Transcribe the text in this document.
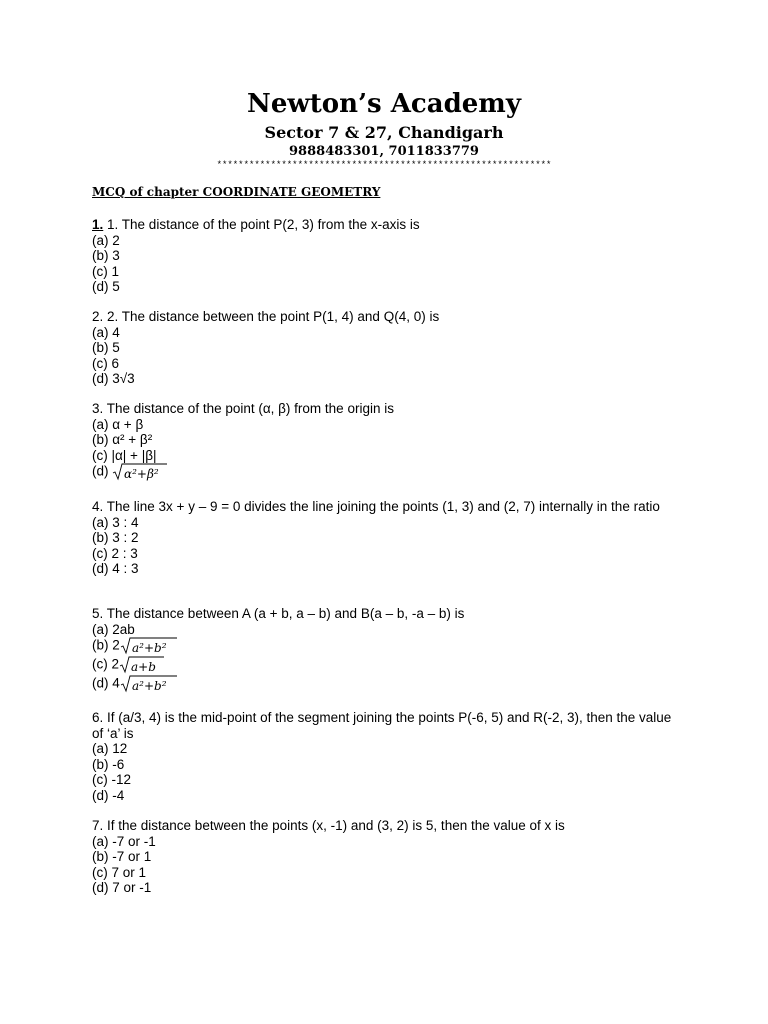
Newton’s Academy
Sector 7 & 27, Chandigarh
9888483301, 7011833779
**************************************************************
MCQ of chapter COORDINATE GEOMETRY
1. 1. The distance of the point P(2, 3) from the x-axis is
(a) 2
(b) 3
(c) 1
(d) 5
2. 2. The distance between the point P(1, 4) and Q(4, 0) is
(a) 4
(b) 5
(c) 6
(d) 3√3
3. The distance of the point (α, β) from the origin is
(a) α + β
(b) α² + β²
(c) |α| + |β|
(d) α²+β²
4. The line 3x + y – 9 = 0 divides the line joining the points (1, 3) and (2, 7) internally in the ratio
(a) 3 : 4
(b) 3 : 2
(c) 2 : 3
(d) 4 : 3
5. The distance between A (a + b, a – b) and B(a – b, -a – b) is
(a) 2ab
(b) 2 a²+b²
(c) 2 a+b
(d) 4 a²+b²
6. If (a/3, 4) is the mid-point of the segment joining the points P(-6, 5) and R(-2, 3), then the value of ‘a’ is
(a) 12
(b) -6
(c) -12
(d) -4
7. If the distance between the points (x, -1) and (3, 2) is 5, then the value of x is
(a) -7 or -1
(b) -7 or 1
(c) 7 or 1
(d) 7 or -1
